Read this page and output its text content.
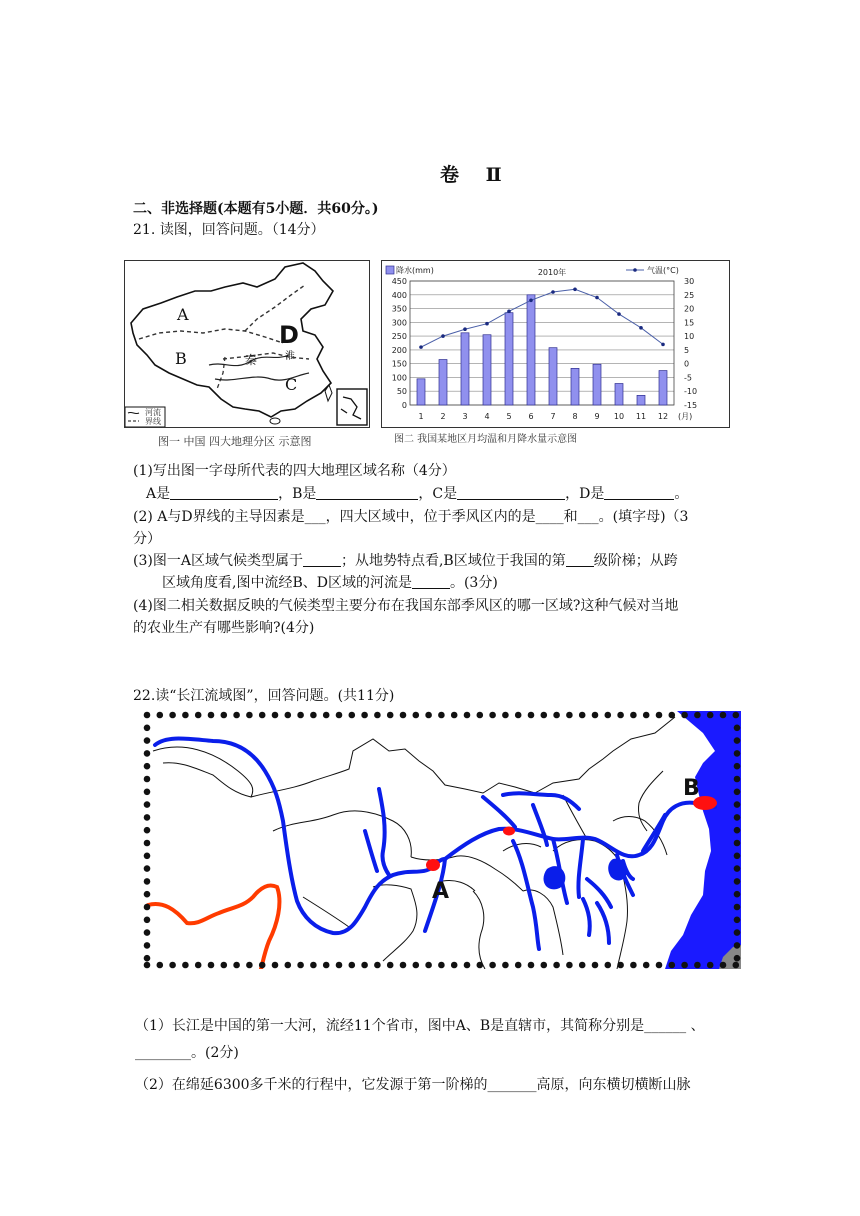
卷 Ⅱ
二、非选择题(本题有5小题．共60分。)
21. 读图，回答问题。（14分）
A
B
C
D
秦	淮
河流
界线
图一 中国 四大地理分区 示意图
0
50
100
150
200
250
300
350
400
450	30
25
20
15
10
5
0
-5
-10
-15
1 2 3 4 5 6 7 8 9 10 11 12 (月)
2010年
降水(mm)	气温(°C)
图二 我国某地区月均温和月降水量示意图
(1)写出图一字母所代表的四大地理区域名称（4分）
A是	，B是	，C是	，D是	。
(2) A与D界线的主导因素是___，四大区域中，位于季风区内的是____和___。(填字母)（3
分）
(3)图一A区域气候类型属于	；从地势特点看,B区域位于我国的第 级阶梯；从跨
区域角度看,图中流经B、D区域的河流是	。(3分)
(4)图二相关数据反映的气候类型主要分布在我国东部季风区的哪一区域?这种气候对当地
的农业生产有哪些影响?(4分)
22.读“长江流域图”，回答问题。(共11分)
A
B
（1）长江是中国的第一大河，流经11个省市，图中A、B是直辖市，其简称分别是______ 、
________。(2分)
（2）在绵延6300多千米的行程中，它发源于第一阶梯的_______高原，向东横切横断山脉
